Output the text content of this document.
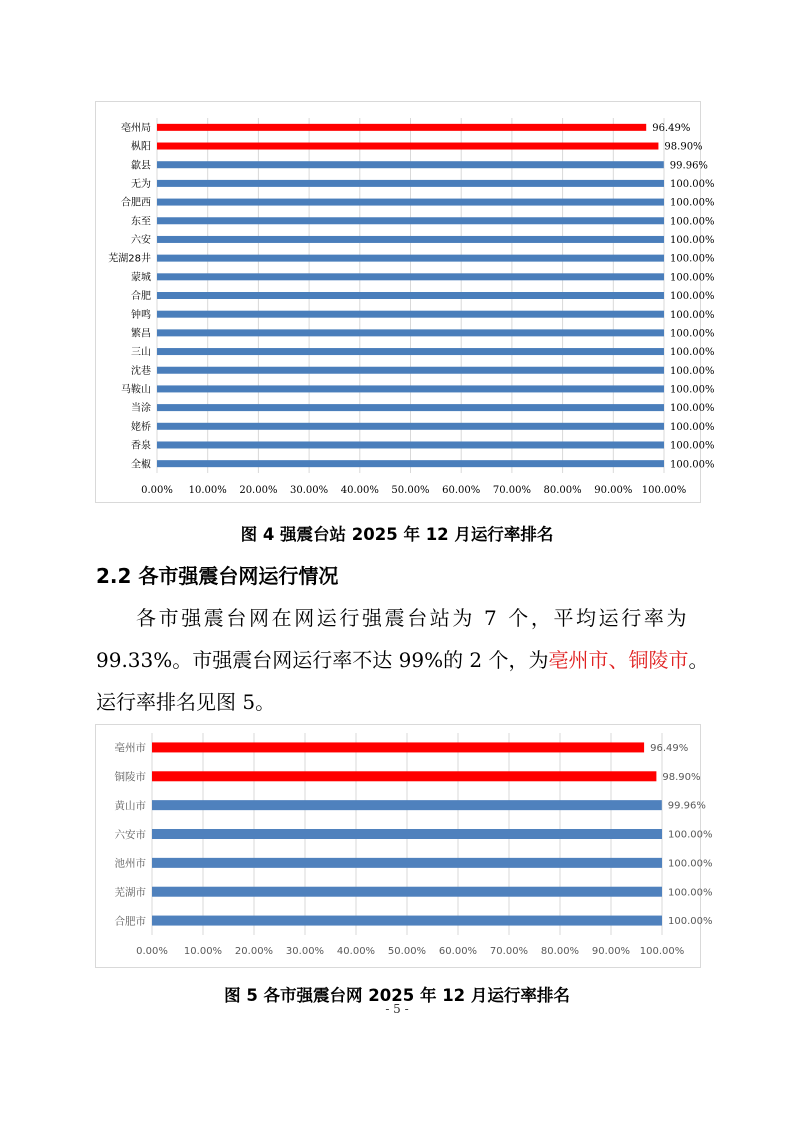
0.00% 10.00% 20.00% 30.00% 40.00% 50.00% 60.00% 70.00% 80.00% 90.00% 100.00%
亳州局	96.49%
枞阳	98.90%
歙县	99.96%
无为	100.00%
合肥西	100.00%
东至	100.00%
六安	100.00%
芜湖28井	100.00%
蒙城	100.00%
合肥	100.00%
钟鸣	100.00%
繁昌	100.00%
三山	100.00%
沈巷	100.00%
马鞍山	100.00%
当涂	100.00%
姥桥	100.00%
香泉	100.00%
全椒	100.00%
图 4 强震台站 2025 年 12 月运行率排名
2.2 各市强震台网运行情况
各市强震台网在网运行强震台站为 7 个，平均运行率为
99.33%。市强震台网运行率不达 99%的 2 个，为亳州市、铜陵市。
运行率排名见图 5。
0.00% 10.00% 20.00% 30.00% 40.00% 50.00% 60.00% 70.00% 80.00% 90.00% 100.00%
亳州市	96.49%
铜陵市	98.90%
黄山市	99.96%
六安市	100.00%
池州市	100.00%
芜湖市	100.00%
合肥市	100.00%
图 5 各市强震台网 2025 年 12 月运行率排名
- 5 -
